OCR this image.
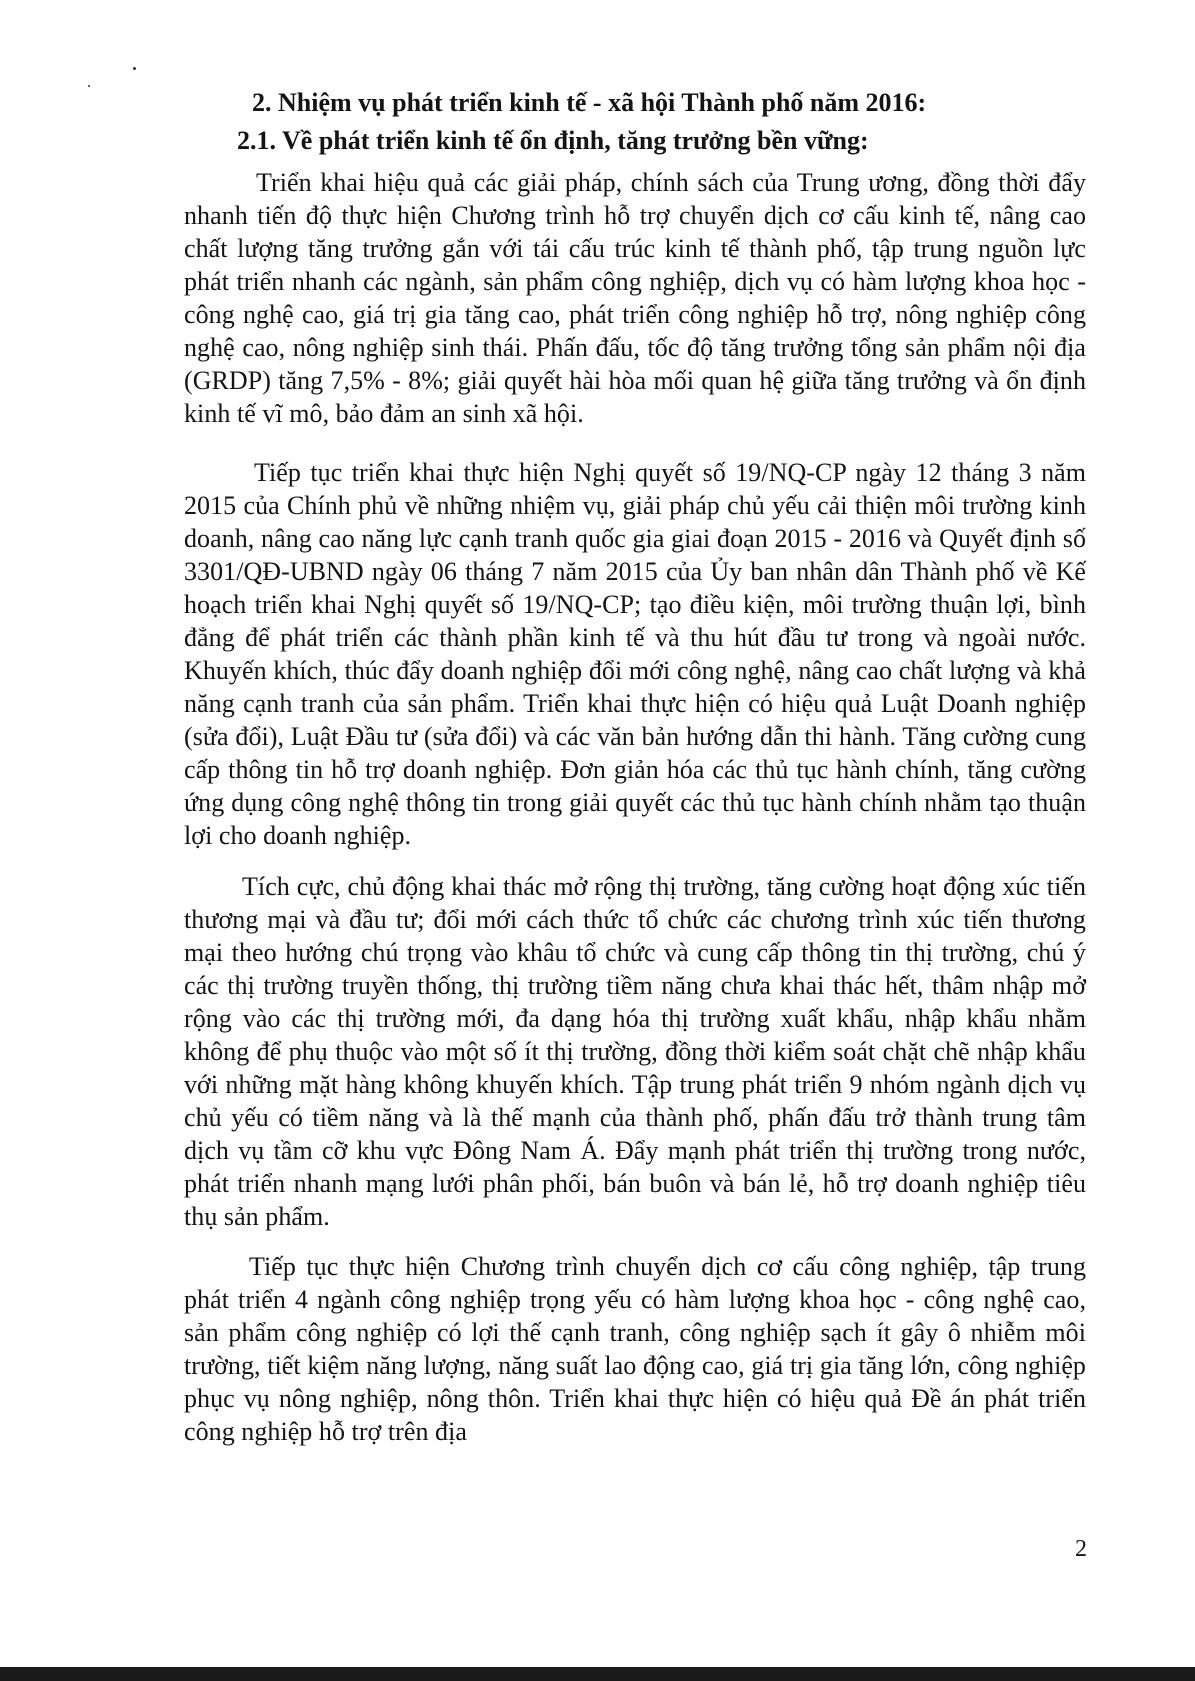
2. Nhiệm vụ phát triển kinh tế - xã hội Thành phố năm 2016:
2.1. Về phát triển kinh tế ổn định, tăng trưởng bền vững:

Triển khai hiệu quả các giải pháp, chính sách của Trung ương, đồng thời đẩy nhanh tiến độ thực hiện Chương trình hỗ trợ chuyển dịch cơ cấu kinh tế, nâng cao chất lượng tăng trưởng gắn với tái cấu trúc kinh tế thành phố, tập trung nguồn lực phát triển nhanh các ngành, sản phẩm công nghiệp, dịch vụ có hàm lượng khoa học - công nghệ cao, giá trị gia tăng cao, phát triển công nghiệp hỗ trợ, nông nghiệp công nghệ cao, nông nghiệp sinh thái. Phấn đấu, tốc độ tăng trưởng tổng sản phẩm nội địa (GRDP) tăng 7,5% - 8%; giải quyết hài hòa mối quan hệ giữa tăng trưởng và ổn định kinh tế vĩ mô, bảo đảm an sinh xã hội.

Tiếp tục triển khai thực hiện Nghị quyết số 19/NQ-CP ngày 12 tháng 3 năm 2015 của Chính phủ về những nhiệm vụ, giải pháp chủ yếu cải thiện môi trường kinh doanh, nâng cao năng lực cạnh tranh quốc gia giai đoạn 2015 - 2016 và Quyết định số 3301/QĐ-UBND ngày 06 tháng 7 năm 2015 của Ủy ban nhân dân Thành phố về Kế hoạch triển khai Nghị quyết số 19/NQ-CP; tạo điều kiện, môi trường thuận lợi, bình đẳng để phát triển các thành phần kinh tế và thu hút đầu tư trong và ngoài nước. Khuyến khích, thúc đẩy doanh nghiệp đổi mới công nghệ, nâng cao chất lượng và khả năng cạnh tranh của sản phẩm. Triển khai thực hiện có hiệu quả Luật Doanh nghiệp (sửa đổi), Luật Đầu tư (sửa đổi) và các văn bản hướng dẫn thi hành. Tăng cường cung cấp thông tin hỗ trợ doanh nghiệp. Đơn giản hóa các thủ tục hành chính, tăng cường ứng dụng công nghệ thông tin trong giải quyết các thủ tục hành chính nhằm tạo thuận lợi cho doanh nghiệp.

Tích cực, chủ động khai thác mở rộng thị trường, tăng cường hoạt động xúc tiến thương mại và đầu tư; đổi mới cách thức tổ chức các chương trình xúc tiến thương mại theo hướng chú trọng vào khâu tổ chức và cung cấp thông tin thị trường, chú ý các thị trường truyền thống, thị trường tiềm năng chưa khai thác hết, thâm nhập mở rộng vào các thị trường mới, đa dạng hóa thị trường xuất khẩu, nhập khẩu nhằm không để phụ thuộc vào một số ít thị trường, đồng thời kiểm soát chặt chẽ nhập khẩu với những mặt hàng không khuyến khích. Tập trung phát triển 9 nhóm ngành dịch vụ chủ yếu có tiềm năng và là thế mạnh của thành phố, phấn đấu trở thành trung tâm dịch vụ tầm cỡ khu vực Đông Nam Á. Đẩy mạnh phát triển thị trường trong nước, phát triển nhanh mạng lưới phân phối, bán buôn và bán lẻ, hỗ trợ doanh nghiệp tiêu thụ sản phẩm.

Tiếp tục thực hiện Chương trình chuyển dịch cơ cấu công nghiệp, tập trung phát triển 4 ngành công nghiệp trọng yếu có hàm lượng khoa học - công nghệ cao, sản phẩm công nghiệp có lợi thế cạnh tranh, công nghiệp sạch ít gây ô nhiễm môi trường, tiết kiệm năng lượng, năng suất lao động cao, giá trị gia tăng lớn, công nghiệp phục vụ nông nghiệp, nông thôn. Triển khai thực hiện có hiệu quả Đề án phát triển công nghiệp hỗ trợ trên địa

2
